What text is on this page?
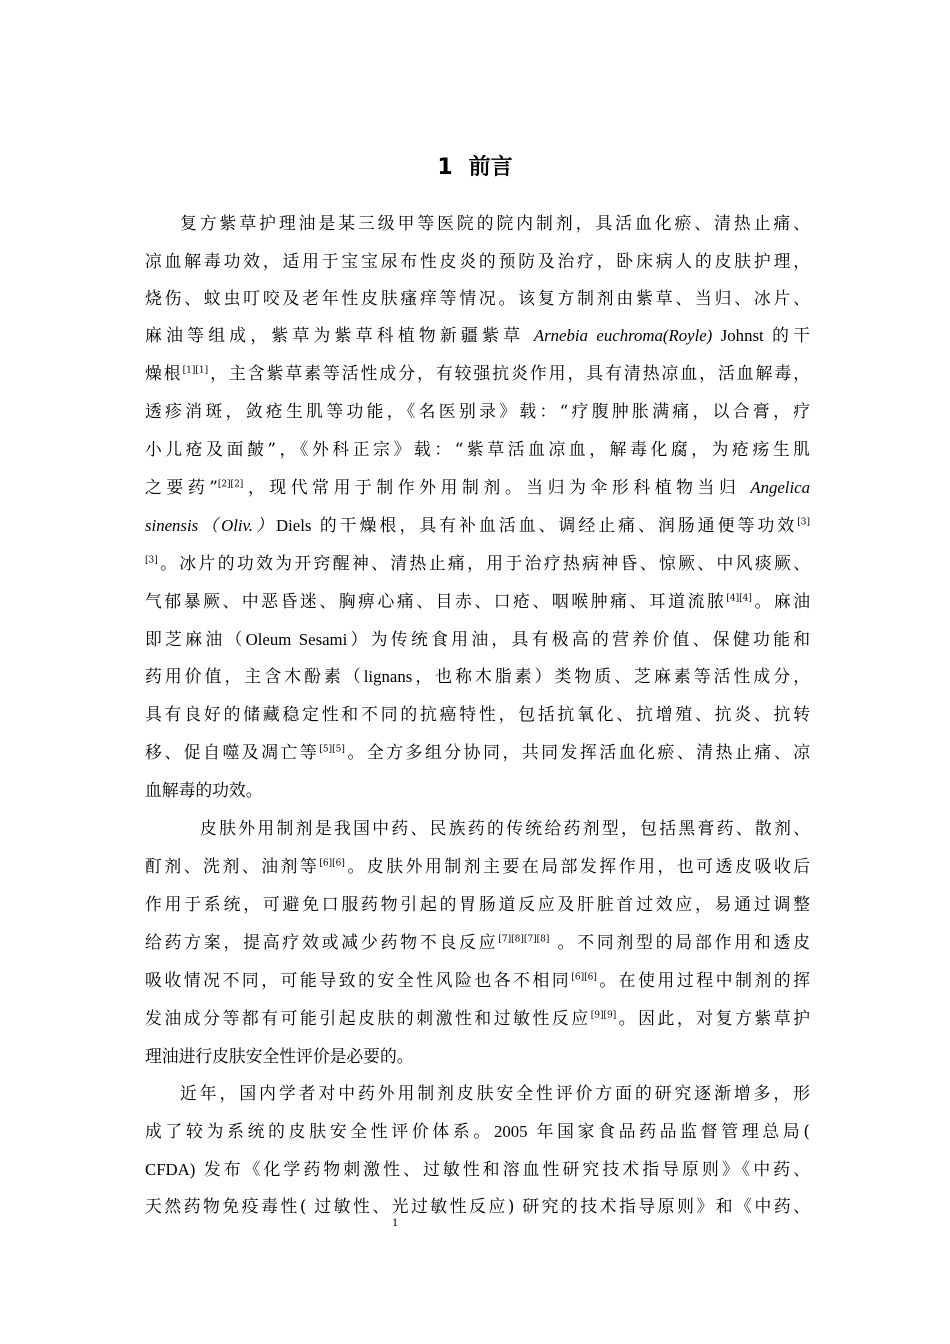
1 前言
复方紫草护理油是某三级甲等医院的院内制剂，具活血化瘀、清热止痛、
凉血解毒功效，适用于宝宝尿布性皮炎的预防及治疗，卧床病人的皮肤护理，
烧伤、蚊虫叮咬及老年性皮肤瘙痒等情况。该复方制剂由紫草、当归、冰片、
麻油等组成，紫草为紫草科植物新疆紫草 Arnebia euchroma(Royle) Johnst 的干
燥根[1][1]，主含紫草素等活性成分，有较强抗炎作用，具有清热凉血，活血解毒，
透疹消斑，敛疮生肌等功能，《名医别录》载：“疗腹肿胀满痛，以合膏，疗
小儿疮及面皶”，《外科正宗》载：“紫草活血凉血，解毒化腐，为疮疡生肌
之要药”[2][2]，现代常用于制作外用制剂。当归为伞形科植物当归 Angelica
sinensis（Oliv.）Diels 的干燥根，具有补血活血、调经止痛、润肠通便等功效[3]
[3]。冰片的功效为开窍醒神、清热止痛，用于治疗热病神昏、惊厥、中风痰厥、
气郁暴厥、中恶昏迷、胸痹心痛、目赤、口疮、咽喉肿痛、耳道流脓[4][4]。麻油
即芝麻油（Oleum Sesami）为传统食用油，具有极高的营养价值、保健功能和
药用价值，主含木酚素（lignans，也称木脂素）类物质、芝麻素等活性成分，
具有良好的储藏稳定性和不同的抗癌特性，包括抗氧化、抗增殖、抗炎、抗转
移、促自噬及凋亡等[5][5]。全方多组分协同，共同发挥活血化瘀、清热止痛、凉
血解毒的功效。
皮肤外用制剂是我国中药、民族药的传统给药剂型，包括黑膏药、散剂、
酊剂、洗剂、油剂等[6][6]。皮肤外用制剂主要在局部发挥作用，也可透皮吸收后
作用于系统，可避免口服药物引起的胃肠道反应及肝脏首过效应，易通过调整
给药方案，提高疗效或减少药物不良反应[7][8][7][8] 。不同剂型的局部作用和透皮
吸收情况不同，可能导致的安全性风险也各不相同[6][6]。在使用过程中制剂的挥
发油成分等都有可能引起皮肤的刺激性和过敏性反应[9][9]。因此，对复方紫草护
理油进行皮肤安全性评价是必要的。
近年，国内学者对中药外用制剂皮肤安全性评价方面的研究逐渐增多，形
成了较为系统的皮肤安全性评价体系。2005 年国家食品药品监督管理总局(
CFDA) 发布《化学药物刺激性、过敏性和溶血性研究技术指导原则》《中药、
天然药物免疫毒性( 过敏性、光过敏性反应) 研究的技术指导原则》和《中药、
1
